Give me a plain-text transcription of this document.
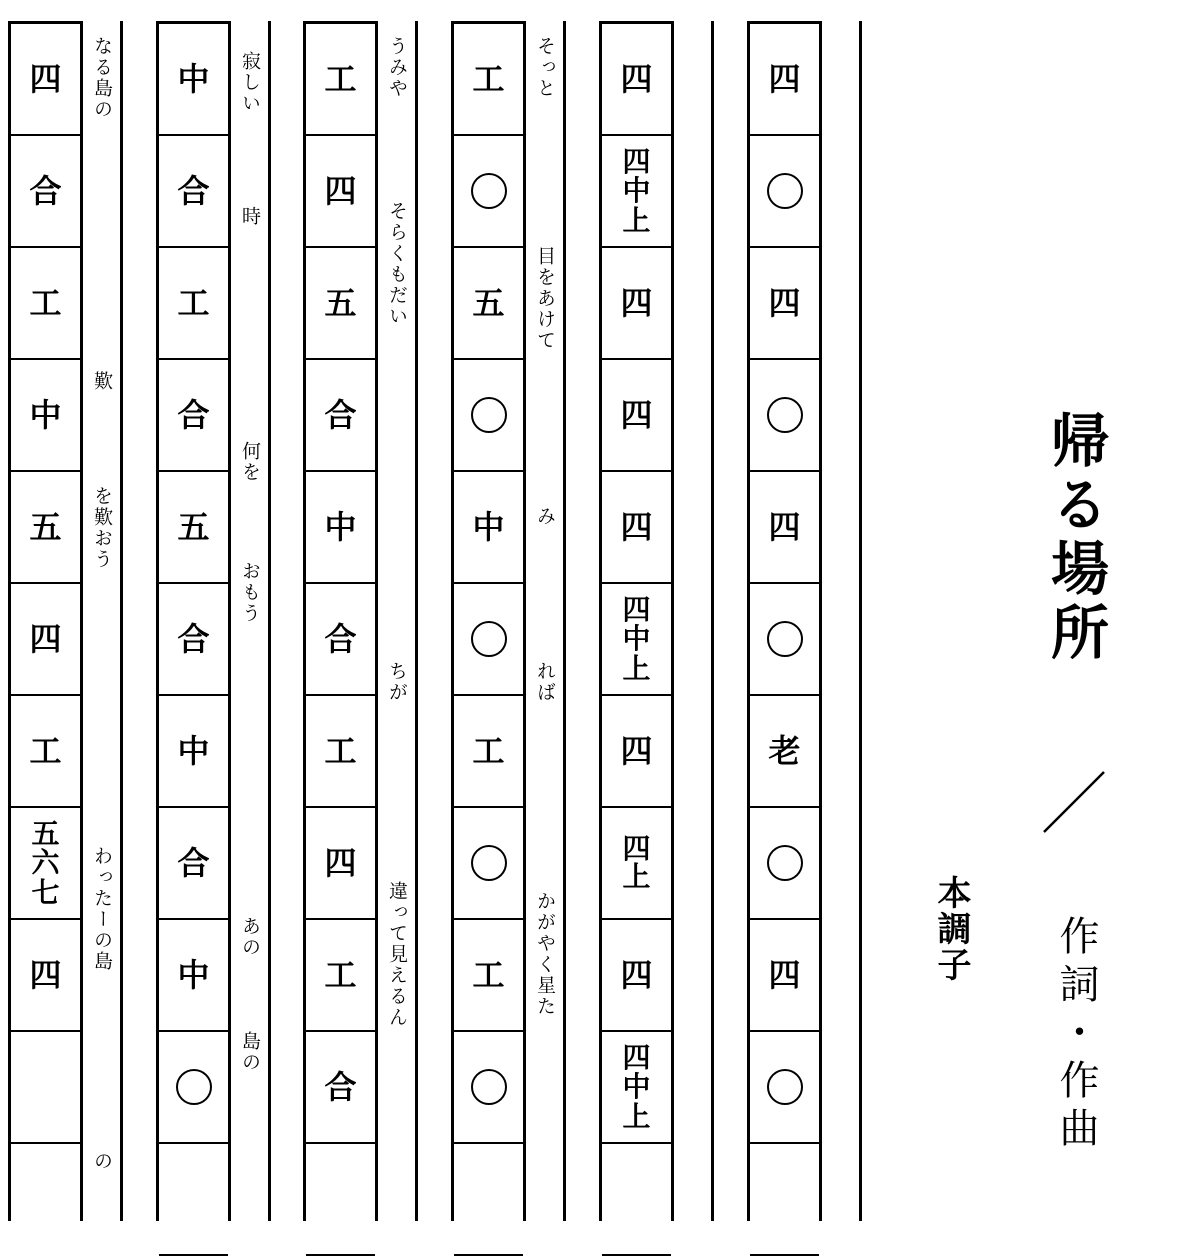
四
四
四
老
四
四
四
中
上
四
四
四
四
中
上
四
四
上
四
四
中
上
工
五
中
工
工
そっと
目をあけて
み
れば
かがやく星た
工
四
五
合
中
合
工
四
工
合
うみや
そらくもだい
ちが
違って見えるん
中
合
工
合
五
合
中
合
中
寂しい
時
何を
おもう
あの
島の
四
合
工
中
五
四
工
五
六
七
四
なる島の
歎
を歎おう
わったーの島
の
帰る場所
作詞・作曲
本調子
